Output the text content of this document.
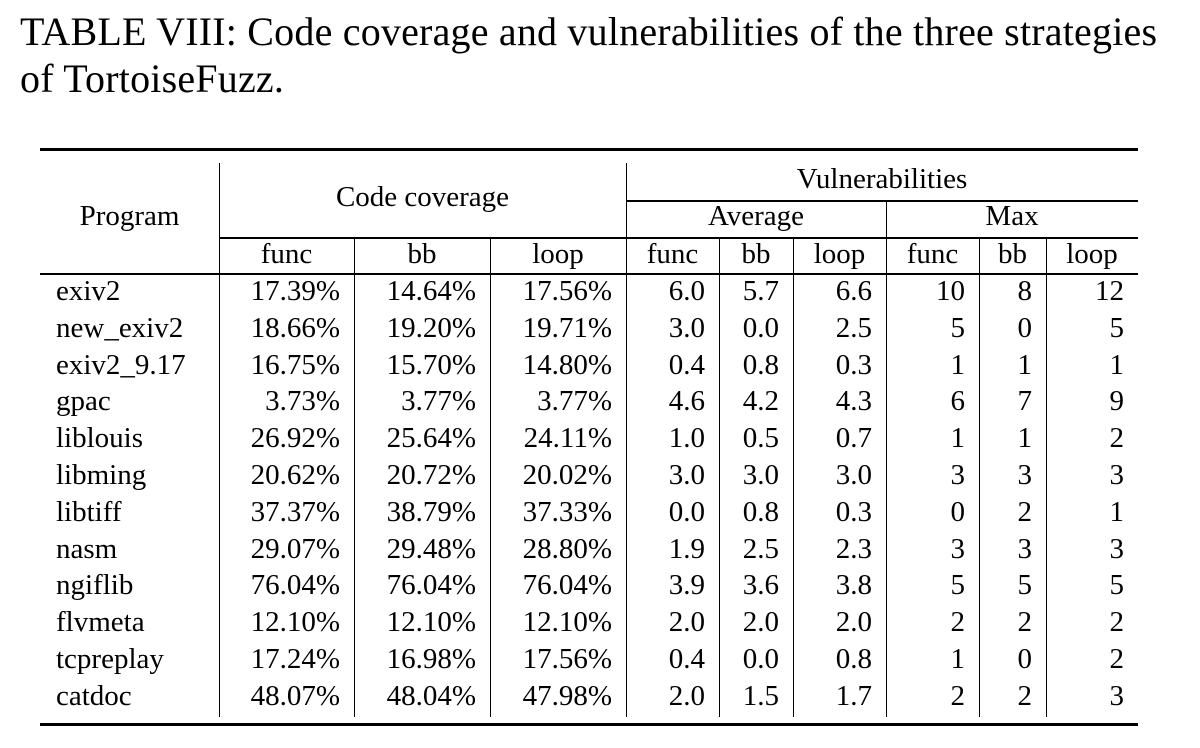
TABLE VIII: Code coverage and vulnerabilities of the three strategies of TortoiseFuzz.
Program
Code coverage
Vulnerabilities
Average	Max
func	bb	loop	func	bb	loop	func	bb	loop
exiv2	17.39%	14.64%	17.56%	6.0	5.7	6.6	10	8	12
new_exiv2	18.66%	19.20%	19.71%	3.0	0.0	2.5	5	0	5
exiv2_9.17	16.75%	15.70%	14.80%	0.4	0.8	0.3	1	1	1
gpac	3.73%	3.77%	3.77%	4.6	4.2	4.3	6	7	9
liblouis	26.92%	25.64%	24.11%	1.0	0.5	0.7	1	1	2
libming	20.62%	20.72%	20.02%	3.0	3.0	3.0	3	3	3
libtiff	37.37%	38.79%	37.33%	0.0	0.8	0.3	0	2	1
nasm	29.07%	29.48%	28.80%	1.9	2.5	2.3	3	3	3
ngiflib	76.04%	76.04%	76.04%	3.9	3.6	3.8	5	5	5
flvmeta	12.10%	12.10%	12.10%	2.0	2.0	2.0	2	2	2
tcpreplay	17.24%	16.98%	17.56%	0.4	0.0	0.8	1	0	2
catdoc	48.07%	48.04%	47.98%	2.0	1.5	1.7	2	2	3
